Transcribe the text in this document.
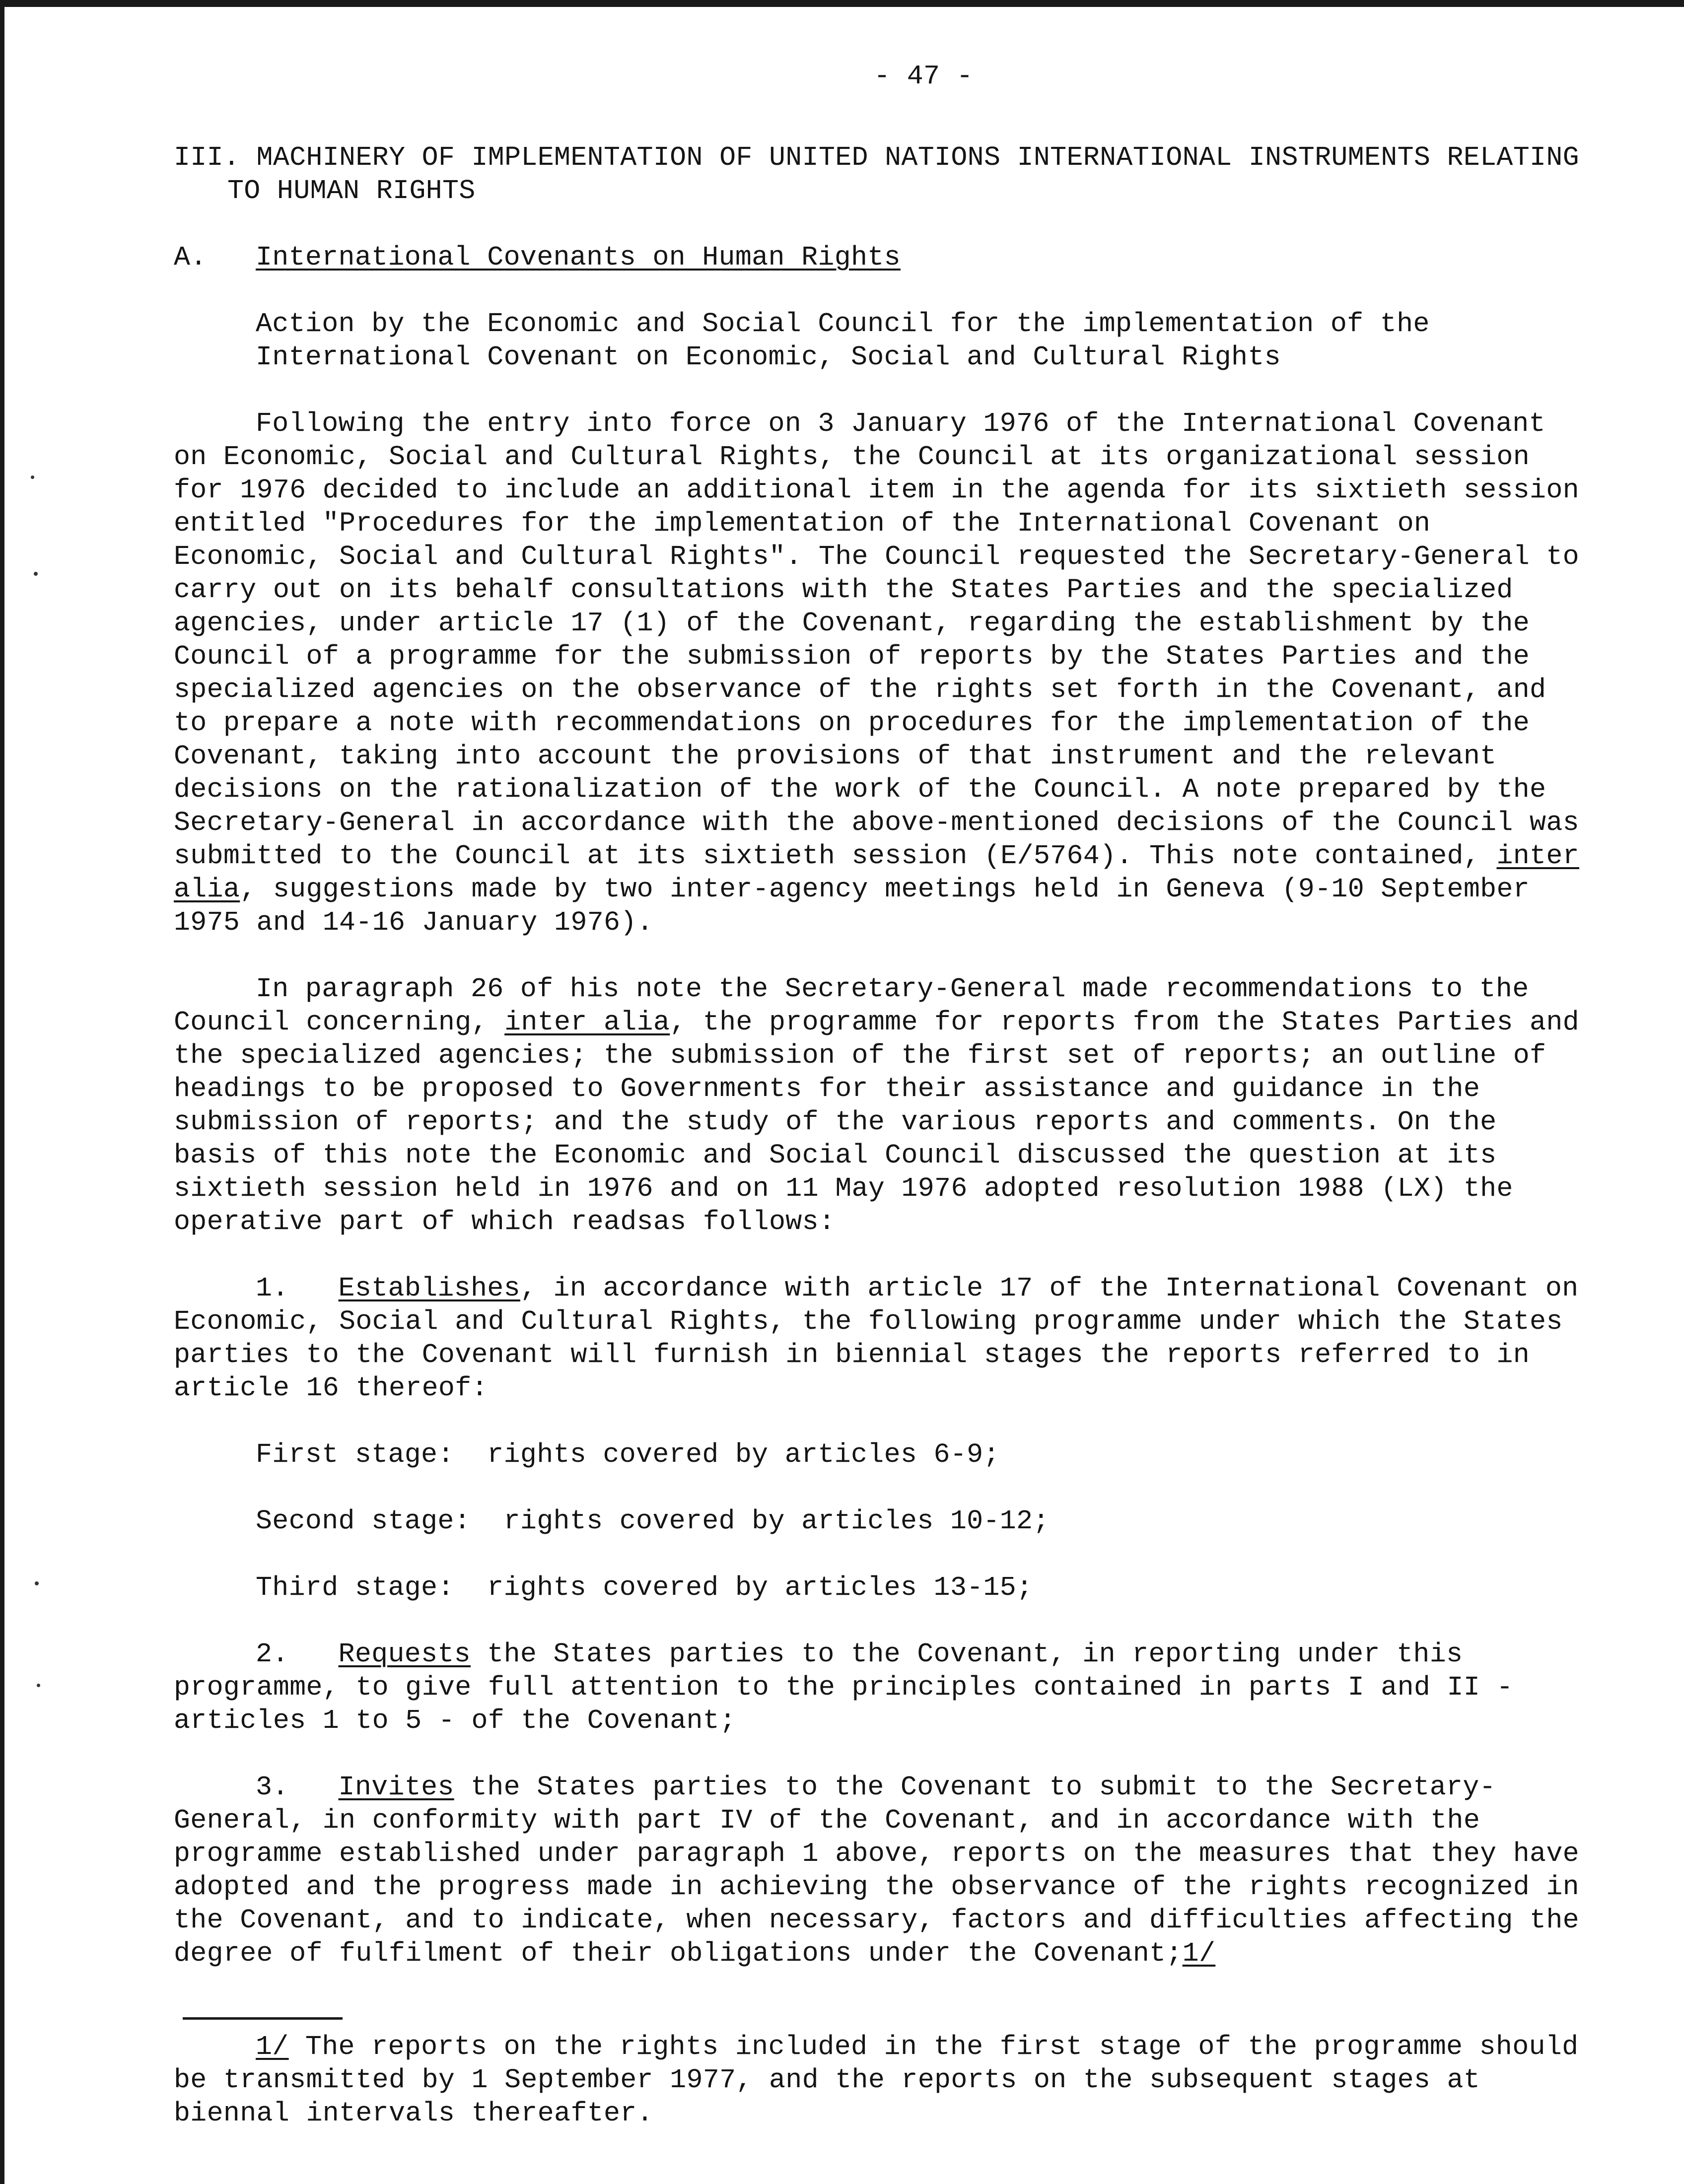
- 47 -
III. MACHINERY OF IMPLEMENTATION OF UNITED NATIONS INTERNATIONAL INSTRUMENTS RELATING TO HUMAN RIGHTS
A. International Covenants on Human Rights
Action by the Economic and Social Council for the implementation of the International Covenant on Economic, Social and Cultural Rights

Following the entry into force on 3 January 1976 of the International Covenant on Economic, Social and Cultural Rights, the Council at its organizational session for 1976 decided to include an additional item in the agenda for its sixtieth session entitled "Procedures for the implementation of the International Covenant on Economic, Social and Cultural Rights". The Council requested the Secretary-General to carry out on its behalf consultations with the States Parties and the specialized agencies, under article 17 (1) of the Covenant, regarding the establishment by the Council of a programme for the submission of reports by the States Parties and the specialized agencies on the observance of the rights set forth in the Covenant, and to prepare a note with recommendations on procedures for the implementation of the Covenant, taking into account the provisions of that instrument and the relevant decisions on the rationalization of the work of the Council. A note prepared by the Secretary-General in accordance with the above-mentioned decisions of the Council was submitted to the Council at its sixtieth session (E/5764). This note contained, inter alia, suggestions made by two inter-agency meetings held in Geneva (9-10 September 1975 and 14-16 January 1976).

In paragraph 26 of his note the Secretary-General made recommendations to the Council concerning, inter alia, the programme for reports from the States Parties and the specialized agencies; the submission of the first set of reports; an outline of headings to be proposed to Governments for their assistance and guidance in the submission of reports; and the study of the various reports and comments. On the basis of this note the Economic and Social Council discussed the question at its sixtieth session held in 1976 and on 11 May 1976 adopted resolution 1988 (LX) the operative part of which readsas follows:

1. Establishes, in accordance with article 17 of the International Covenant on Economic, Social and Cultural Rights, the following programme under which the States parties to the Covenant will furnish in biennial stages the reports referred to in article 16 thereof:

First stage:  rights covered by articles 6-9;
Second stage:  rights covered by articles 10-12;
Third stage:  rights covered by articles 13-15;

2. Requests the States parties to the Covenant, in reporting under this programme, to give full attention to the principles contained in parts I and II - articles 1 to 5 - of the Covenant;

3. Invites the States parties to the Covenant to submit to the Secretary-General, in conformity with part IV of the Covenant, and in accordance with the programme established under paragraph 1 above, reports on the measures that they have adopted and the progress made in achieving the observance of the rights recognized in the Covenant, and to indicate, when necessary, factors and difficulties affecting the degree of fulfilment of their obligations under the Covenant;1/

1/ The reports on the rights included in the first stage of the programme should be transmitted by 1 September 1977, and the reports on the subsequent stages at biennal intervals thereafter.
